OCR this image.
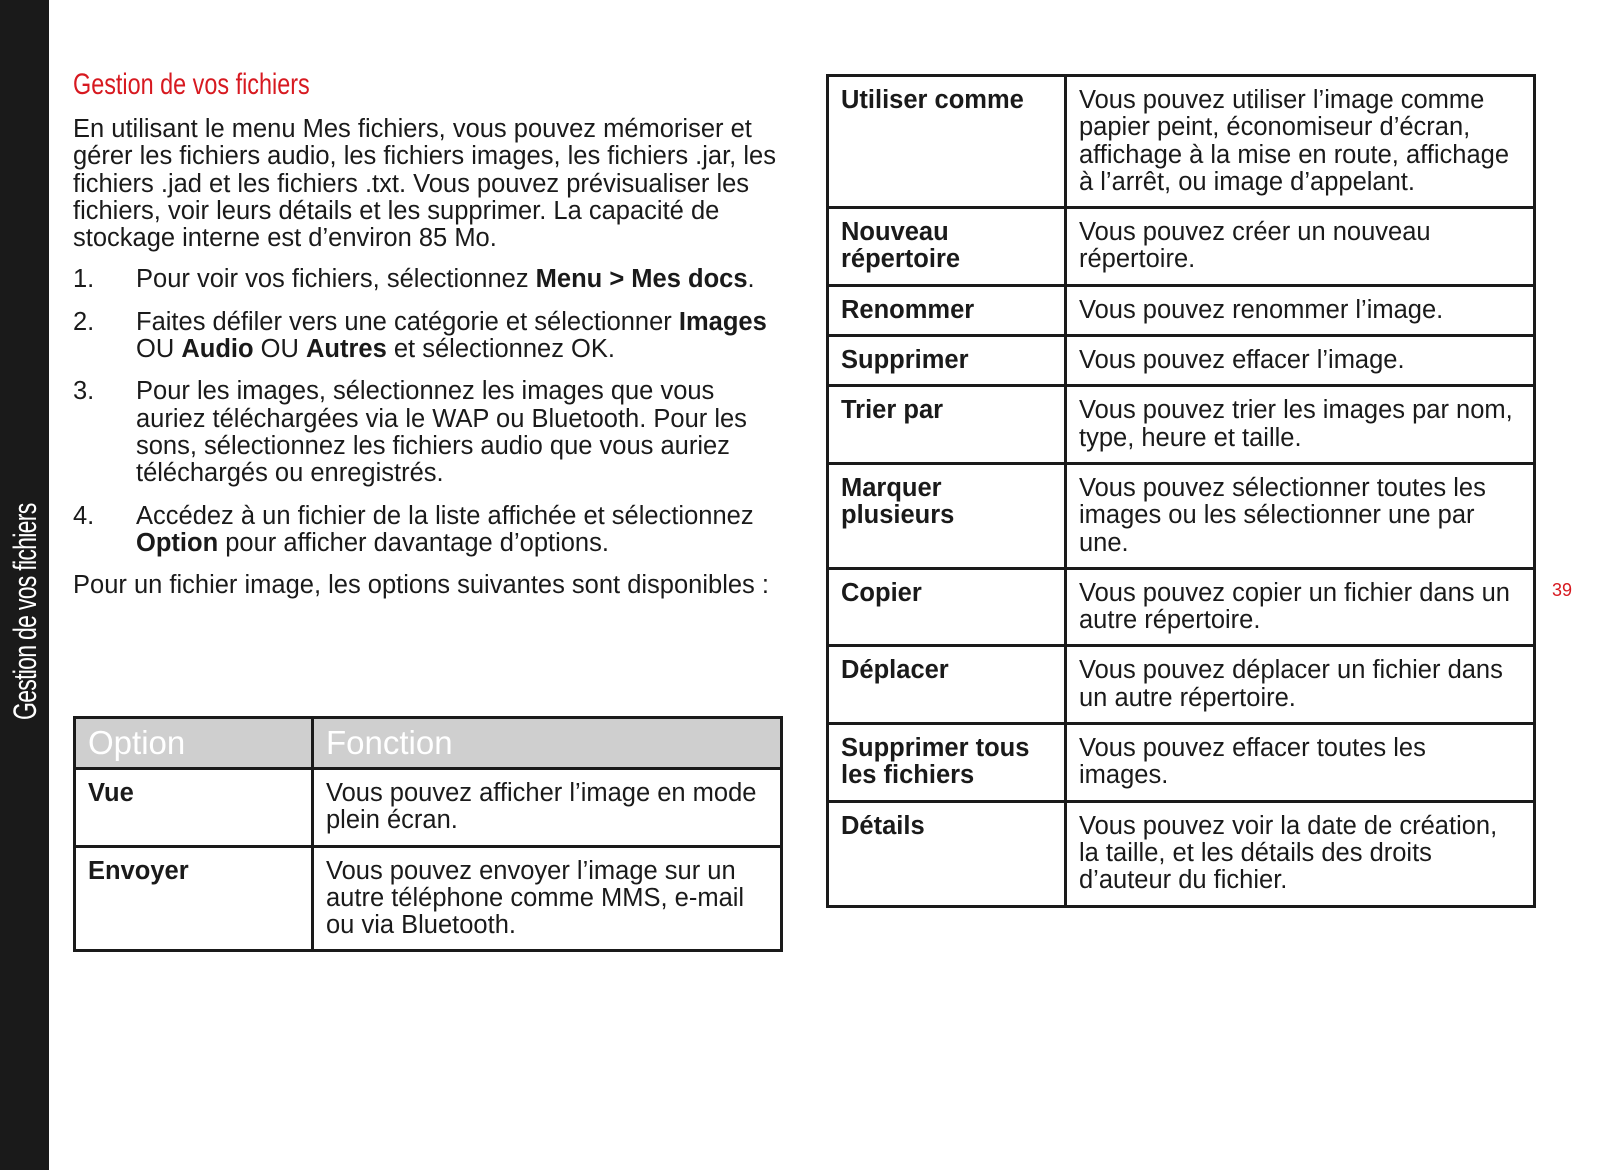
Gestion de vos fichiers	39
Gestion de vos fichiers

En utilisant le menu Mes fichiers, vous pouvez mémoriser et gérer les fichiers audio, les fichiers images, les fichiers .jar, les fichiers .jad et les fichiers .txt. Vous pouvez prévisualiser les fichiers, voir leurs détails et les supprimer. La capacité de stockage interne est d’environ 85 Mo.

1. Pour voir vos fichiers, sélectionnez Menu > Mes docs.
2. Faites défiler vers une catégorie et sélectionner Images OU Audio OU Autres et sélectionnez OK.
3. Pour les images, sélectionnez les images que vous auriez téléchargées via le WAP ou Bluetooth. Pour les sons, sélectionnez les fichiers audio que vous auriez téléchargés ou enregistrés.
4. Accédez à un fichier de la liste affichée et sélectionnez Option pour afficher davantage d’options.

Pour un fichier image, les options suivantes sont disponibles :

Option	Fonction
Vue	Vous pouvez afficher l’image en mode plein écran.
Envoyer	Vous pouvez envoyer l’image sur un autre téléphone comme MMS, e-mail ou via Bluetooth.
Utiliser comme	Vous pouvez utiliser l’image comme papier peint, économiseur d’écran, affichage à la mise en route, affichage à l’arrêt, ou image d’appelant.
Nouveau répertoire	Vous pouvez créer un nouveau répertoire.
Renommer	Vous pouvez renommer l’image.
Supprimer	Vous pouvez effacer l’image.
Trier par	Vous pouvez trier les images par nom, type, heure et taille.
Marquer plusieurs	Vous pouvez sélectionner toutes les images ou les sélectionner une par une.
Copier	Vous pouvez copier un fichier dans un autre répertoire.
Déplacer	Vous pouvez déplacer un fichier dans un autre répertoire.
Supprimer tous les fichiers	Vous pouvez effacer toutes les images.
Détails	Vous pouvez voir la date de création, la taille, et les détails des droits d’auteur du fichier.
